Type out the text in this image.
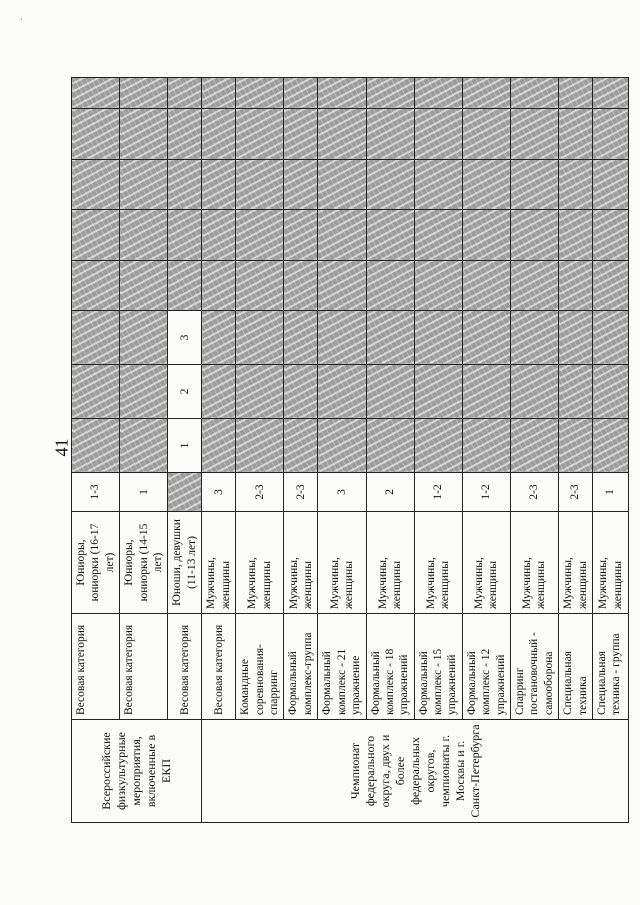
ʻ
41
Всероссийские физкультурные мероприятия, включенные в ЕКП	Весовая категория	Юниоры, юниорки (16-17 лет)	1-3								
	Весовая категория	Юниоры, юниорки (14-15 лет)	1								
	Весовая категория	Юноши, девушки (11-13 лет)		1	2	3					
Чемпионат федерального округа, двух и более федеральных округов, чемпионаты г. Москвы и г. Санкт-Петербурга	Весовая категория	Мужчины, женщины	3								
	Командные соревнования-спарринг	Мужчины, женщины	2-3								
	Формальный комплекс-группа	Мужчины, женщины	2-3								
	Формальный комплекс - 21 упражнение	Мужчины, женщины	3								
	Формальный комплекс - 18 упражнений	Мужчины, женщины	2								
	Формальный комплекс - 15 упражнений	Мужчины, женщины	1-2								
	Формальный комплекс - 12 упражнений	Мужчины, женщины	1-2								
	Спарринг постановочный - самооборона	Мужчины, женщины	2-3								
	Специальная техника	Мужчины, женщины	2-3								
	Специальная техника - группа	Мужчины, женщины	1								
